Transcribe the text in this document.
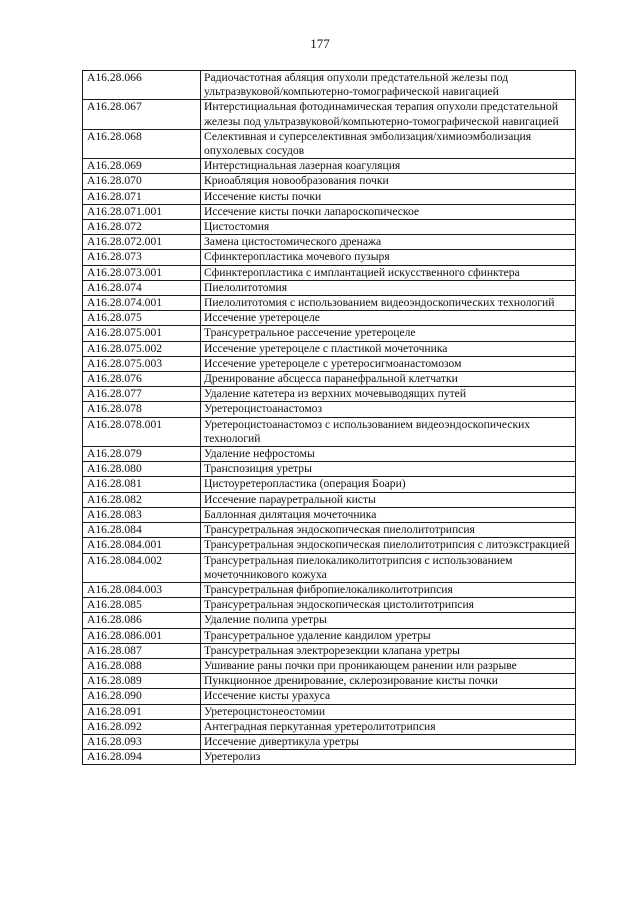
177
A16.28.066	Радиочастотная абляция опухоли предстательной железы под ультразвуковой/компьютерно-томографической навигацией
A16.28.067	Интерстициальная фотодинамическая терапия опухоли предстательной железы под ультразвуковой/компьютерно-томографической навигацией
A16.28.068	Селективная и суперселективная эмболизация/химиоэмболизация опухолевых сосудов
A16.28.069	Интерстициальная лазерная коагуляция
A16.28.070	Криоабляция новообразования почки
A16.28.071	Иссечение кисты почки
A16.28.071.001	Иссечение кисты почки лапароскопическое
A16.28.072	Цистостомия
A16.28.072.001	Замена цистостомического дренажа
A16.28.073	Сфинктеропластика мочевого пузыря
A16.28.073.001	Сфинктеропластика с имплантацией искусственного сфинктера
A16.28.074	Пиелолитотомия
A16.28.074.001	Пиелолитотомия с использованием видеоэндоскопических технологий
A16.28.075	Иссечение уретероцеле
A16.28.075.001	Трансуретральное рассечение уретероцеле
A16.28.075.002	Иссечение уретероцеле с пластикой мочеточника
A16.28.075.003	Иссечение уретероцеле с уретеросигмоанастомозом
A16.28.076	Дренирование абсцесса паранефральной клетчатки
A16.28.077	Удаление катетера из верхних мочевыводящих путей
A16.28.078	Уретероцистоанастомоз
A16.28.078.001	Уретероцистоанастомоз с использованием видеоэндоскопических технологий
A16.28.079	Удаление нефростомы
A16.28.080	Транспозиция уретры
A16.28.081	Цистоуретеропластика (операция Боари)
A16.28.082	Иссечение парауретральной кисты
A16.28.083	Баллонная дилятация мочеточника
A16.28.084	Трансуретральная эндоскопическая пиелолитотрипсия
A16.28.084.001	Трансуретральная эндоскопическая пиелолитотрипсия с литоэкстракцией
A16.28.084.002	Трансуретральная пиелокаликолитотрипсия с использованием мочеточникового кожуха
A16.28.084.003	Трансуретральная фибропиелокаликолитотрипсия
A16.28.085	Трансуретральная эндоскопическая цистолитотрипсия
A16.28.086	Удаление полипа уретры
A16.28.086.001	Трансуретральное удаление кандилом уретры
A16.28.087	Трансуретральная электрорезекции клапана уретры
A16.28.088	Ушивание раны почки при проникающем ранении или разрыве
A16.28.089	Пункционное дренирование, склерозирование кисты почки
A16.28.090	Иссечение кисты урахуса
A16.28.091	Уретероцистонеостомии
A16.28.092	Антеградная перкутанная уретеролитотрипсия
A16.28.093	Иссечение дивертикула уретры
A16.28.094	Уретеролиз
